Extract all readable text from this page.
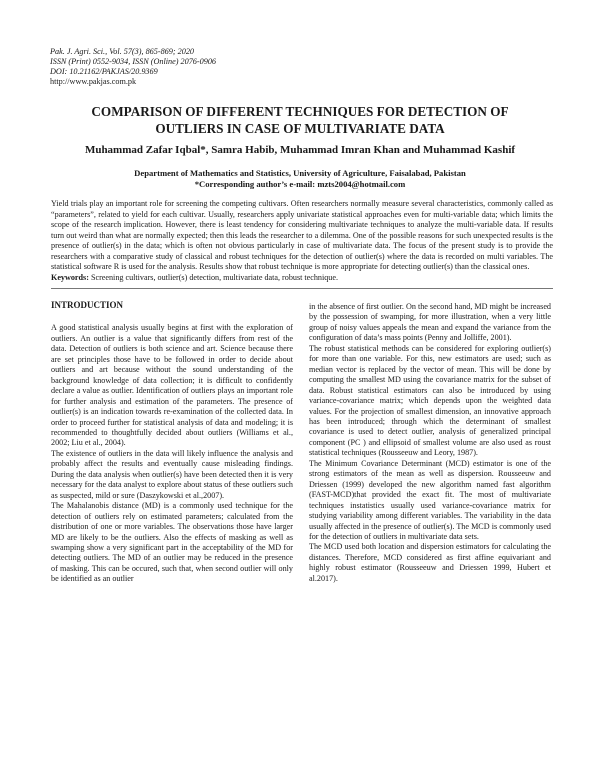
Pak. J. Agri. Sci., Vol. 57(3), 865-869; 2020
ISSN (Print) 0552-9034, ISSN (Online) 2076-0906
DOI: 10.21162/PAKJAS/20.9369
http://www.pakjas.com.pk
COMPARISON OF DIFFERENT TECHNIQUES FOR DETECTION OF
OUTLIERS IN CASE OF MULTIVARIATE DATA
Muhammad Zafar Iqbal*, Samra Habib, Muhammad Imran Khan and Muhammad Kashif
Department of Mathematics and Statistics, University of Agriculture, Faisalabad, Pakistan
*Corresponding author’s e-mail: mzts2004@hotmail.com
Yield trials play an important role for screening the competing cultivars. Often researchers normally measure several characteristics, commonly called as “parameters”, related to yield for each cultivar. Usually, researchers apply univariate statistical approaches even for multi-variable data; which limits the scope of the research implication. However, there is least tendency for considering multivariate techniques to analyze the multi-variable data. If results turn out weird than what are normally expected; then this leads the researcher to a dilemma. One of the possible reasons for such unexpected results is the presence of outlier(s) in the data; which is often not obvious particularly in case of multivariate data. The focus of the present study is to provide the researchers with a comparative study of classical and robust techniques for the detection of outlier(s) where the data is recorded on multi variables. The statistical software R is used for the analysis. Results show that robust technique is more appropriate for detecting outlier(s) than the classical ones.
Keywords: Screening cultivars, outlier(s) detection, multivariate data, robust technique.
INTRODUCTION

A good statistical analysis usually begins at first with the exploration of outliers. An outlier is a value that significantly differs from rest of the data. Detection of outliers is both science and art. Science because there are set principles those have to be followed in order to decide about outliers and art because without the sound understanding of the background knowledge of data collection; it is difficult to confidently declare a value as outlier. Identification of outliers plays an important role for further analysis and estimation of the parameters. The presence of outlier(s) is an indication towards re-examination of the collected data. In order to proceed further for statistical analysis of data and modeling; it is recommended to thoughtfully decided about outliers (Williams et al., 2002; Liu et al., 2004).

The existence of outliers in the data will likely influence the analysis and probably affect the results and eventually cause misleading findings. During the data analysis when outlier(s) have been detected then it is very necessary for the data analyst to explore about status of these outliers such as suspected, mild or sure (Daszykowski et al.,2007).

The Mahalanobis distance (MD) is a commonly used technique for the detection of outliers rely on estimated parameters; calculated from the distribution of one or more variables. The observations those have larger MD are likely to be the outliers. Also the effects of masking as well as swamping show a very significant part in the acceptability of the MD for detecting outliers. The MD of an outlier may be reduced in the presence of masking. This can be occured, such that, when second outlier will only be identified as an outlier

in the absence of first outlier. On the second hand, MD might be increased by the possession of swamping, for more illustration, when a very little group of noisy values appeals the mean and expand the variance from the configuration of data’s mass points (Penny and Jolliffe, 2001).

The robust statistical methods can be considered for exploring outlier(s) for more than one variable. For this, new estimators are used; such as median vector is replaced by the vector of mean. This will be done by computing the smallest MD using the covariance matrix for the subset of data. Robust statistical estimators can also be introduced by using variance-covariance matrix; which depends upon the weighted data values. For the projection of smallest dimension, an innovative approach has been introduced; through which the determinant of smallest covariance is used to detect outlier, analysis of generalized principal component (PC ) and ellipsoid of smallest volume are also used as roust statistical techniques (Rousseeuw and Leory, 1987).

The Minimum Covariance Determinant (MCD) estimator is one of the strong estimators of the mean as well as dispersion. Rousseeuw and Driessen (1999) developed the new algorithm named fast algorithm (FAST-MCD)that provided the exact fit. The most of multivariate techniques instatistics usually used variance-covariance matrix for studying variability among different variables. The variability in the data usually affected in the presence of outlier(s). The MCD is commonly used for the detection of outliers in multivariate data sets.

The MCD used both location and dispersion estimators for calculating the distances. Therefore, MCD considered as first affine equivariant and highly robust estimator (Rousseeuw and Driessen 1999, Hubert et al.2017).
